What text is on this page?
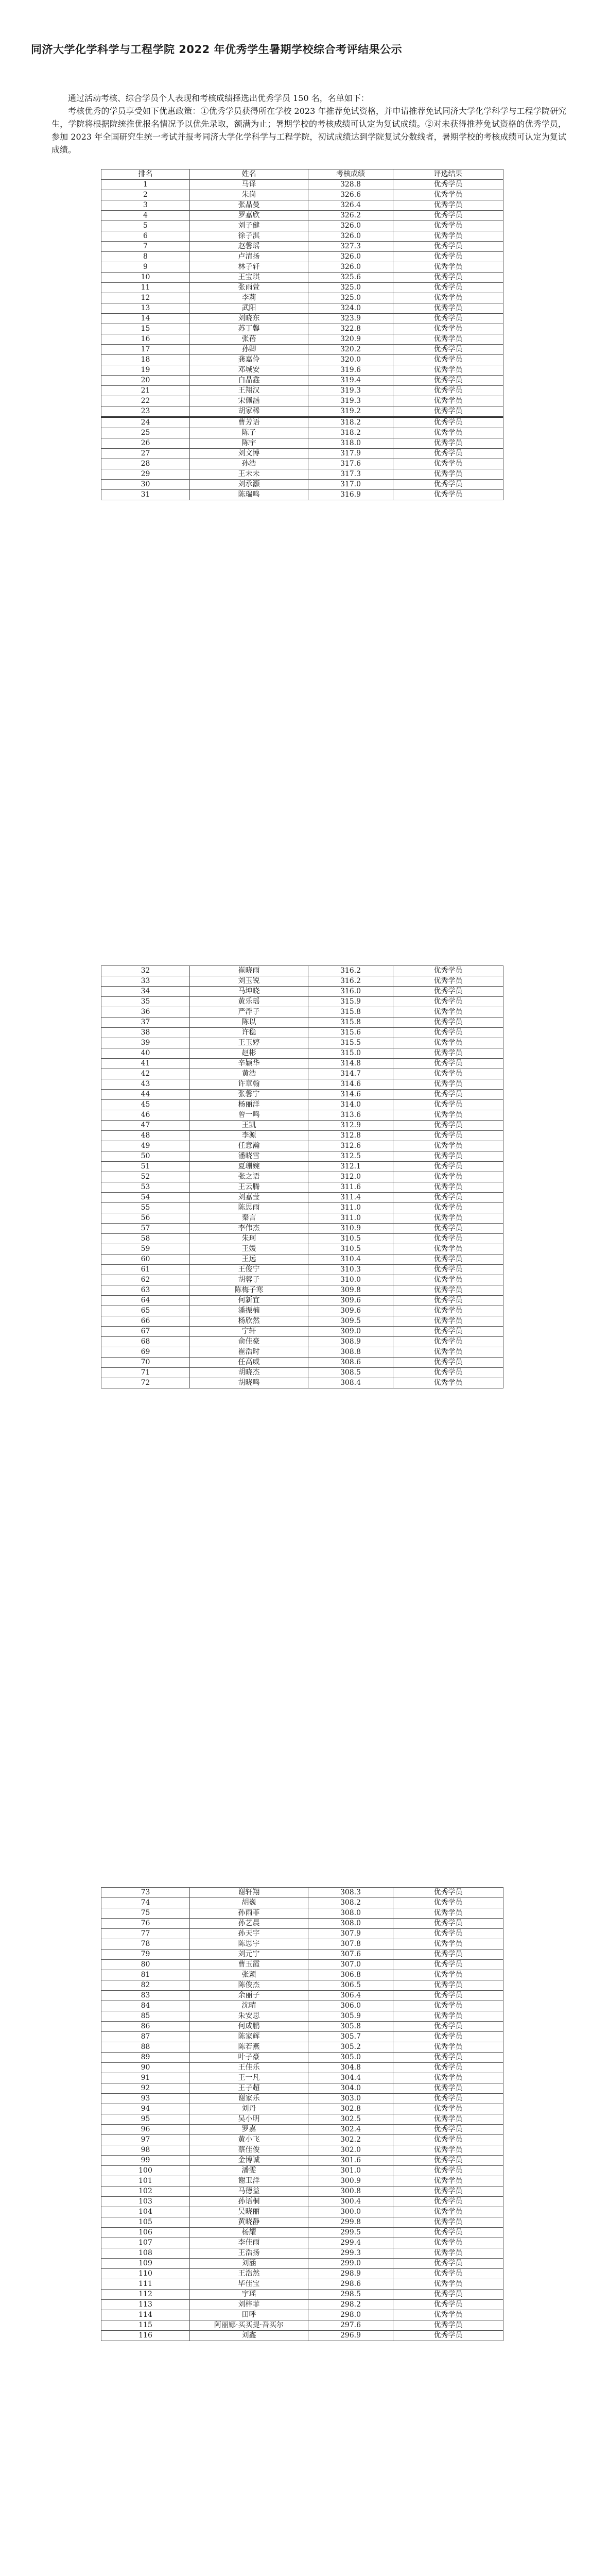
同济大学化学科学与工程学院 2022 年优秀学生暑期学校综合考评结果公示

通过活动考核、综合学员个人表现和考核成绩择选出优秀学员 150 名，名单如下：

考核优秀的学员享受如下优惠政策：①优秀学员获得所在学校 2023 年推荐免试资格，并申请推荐免试同济大学化学科学与工程学院研究生，学院将根据院统推优报名情况予以优先录取，额满为止；暑期学校的考核成绩可认定为复试成绩。②对未获得推荐免试资格的优秀学员，参加 2023 年全国研究生统一考试并报考同济大学化学科学与工程学院，初试成绩达到学院复试分数线者，暑期学校的考核成绩可认定为复试成绩。

排名	姓名	考核成绩	评选结果
1	马译	328.8	优秀学员
2	朱岗	326.6	优秀学员
3	张晶曼	326.4	优秀学员
4	罗嘉欣	326.2	优秀学员
5	刘子健	326.0	优秀学员
6	徐子淇	326.0	优秀学员
7	赵馨瑶	327.3	优秀学员
8	卢清扬	326.0	优秀学员
9	林子轩	326.0	优秀学员
10	王宝琪	325.6	优秀学员
11	张雨萱	325.0	优秀学员
12	李莉	325.0	优秀学员
13	武阳	324.0	优秀学员
14	刘晓东	323.9	优秀学员
15	苏丁馨	322.8	优秀学员
16	张蓓	320.9	优秀学员
17	孙卿	320.2	优秀学员
18	龚嘉伶	320.0	优秀学员
19	邓城安	319.6	优秀学员
20	白晶鑫	319.4	优秀学员
21	王翔汉	319.3	优秀学员
22	宋佩涵	319.3	优秀学员
23	胡家稀	319.2	优秀学员
24	曹芳语	318.2	优秀学员
25	陈子	318.2	优秀学员
26	陈宇	318.0	优秀学员
27	刘文博	317.9	优秀学员
28	孙浩	317.6	优秀学员
29	王未未	317.3	优秀学员
30	刘承灏	317.0	优秀学员
31	陈瑞鸣	316.9	优秀学员
32	崔晓雨	316.2	优秀学员
33	刘玉锐	316.2	优秀学员
34	马坤晓	316.0	优秀学员
35	黄乐瑶	315.9	优秀学员
36	严浮子	315.8	优秀学员
37	陈以	315.8	优秀学员
38	许稳	315.6	优秀学员
39	王玉婷	315.5	优秀学员
40	赵彬	315.0	优秀学员
41	辛颖华	314.8	优秀学员
42	黄浩	314.7	优秀学员
43	许章翰	314.6	优秀学员
44	张馨宁	314.6	优秀学员
45	杨丽洋	314.0	优秀学员
46	曾一鸣	313.6	优秀学员
47	王凯	312.9	优秀学员
48	李源	312.8	优秀学员
49	任意瀚	312.6	优秀学员
50	潘晓雪	312.5	优秀学员
51	夏珊婉	312.1	优秀学员
52	张之语	312.0	优秀学员
53	王云腾	311.6	优秀学员
54	刘嘉莹	311.4	优秀学员
55	陈思雨	311.0	优秀学员
56	秦言	311.0	优秀学员
57	李伟杰	310.9	优秀学员
58	朱珂	310.5	优秀学员
59	王媛	310.5	优秀学员
60	王远	310.4	优秀学员
61	王俊宁	310.3	优秀学员
62	胡蓉子	310.0	优秀学员
63	陈梅子寒	309.8	优秀学员
64	何新宜	309.6	优秀学员
65	潘振楠	309.6	优秀学员
66	杨欣然	309.5	优秀学员
67	宁轩	309.0	优秀学员
68	俞佳豪	308.9	优秀学员
69	崔浩时	308.8	优秀学员
70	任高威	308.6	优秀学员
71	胡晓杰	308.5	优秀学员
72	胡晓鸣	308.4	优秀学员
73	谢轩翔	308.3	优秀学员
74	胡巍	308.2	优秀学员
75	孙雨菲	308.0	优秀学员
76	孙艺晨	308.0	优秀学员
77	孙天宇	307.9	优秀学员
78	陈思宇	307.8	优秀学员
79	刘元宁	307.6	优秀学员
80	曹玉霞	307.0	优秀学员
81	张颖	306.8	优秀学员
82	陈俊杰	306.5	优秀学员
83	余丽子	306.4	优秀学员
84	沈晴	306.0	优秀学员
85	朱安思	305.9	优秀学员
86	何成鹏	305.8	优秀学员
87	陈家辉	305.7	优秀学员
88	陈若燕	305.2	优秀学员
89	叶子豪	305.0	优秀学员
90	王佳乐	304.8	优秀学员
91	王一凡	304.4	优秀学员
92	王子超	304.0	优秀学员
93	谢家乐	303.0	优秀学员
94	刘丹	302.8	优秀学员
95	吴小明	302.5	优秀学员
96	罗嘉	302.4	优秀学员
97	黄小飞	302.2	优秀学员
98	蔡佳俊	302.0	优秀学员
99	金博诚	301.6	优秀学员
100	潘雯	301.0	优秀学员
101	谢卫洋	300.9	优秀学员
102	马德益	300.8	优秀学员
103	孙语桐	300.4	优秀学员
104	吴晓丽	300.0	优秀学员
105	黄晓静	299.8	优秀学员
106	杨耀	299.5	优秀学员
107	李佳雨	299.4	优秀学员
108	王浩扬	299.3	优秀学员
109	刘涵	299.0	优秀学员
110	王浩然	298.9	优秀学员
111	毕佳宝	298.6	优秀学员
112	宇瑶	298.5	优秀学员
113	刘梓菲	298.2	优秀学员
114	田呼	298.0	优秀学员
115	阿丽娜·买买提·吾买尔	297.6	优秀学员
116	刘鑫	296.9	优秀学员
